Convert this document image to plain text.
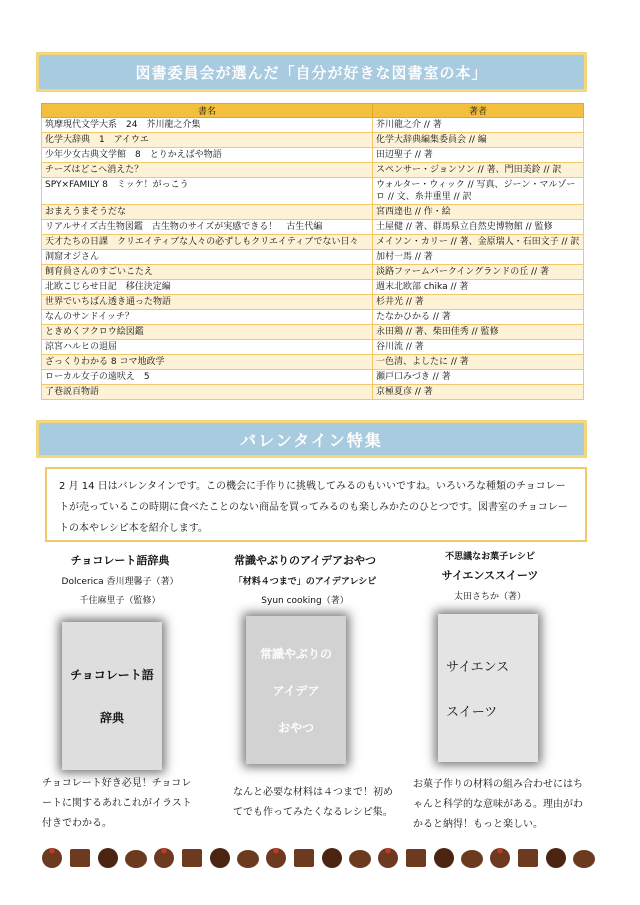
図書委員会が選んだ「自分が好きな図書室の本」
書名	著者
筑摩現代文学大系　24　芥川龍之介集	芥川龍之介 // 著
化学大辞典　1　アイウエ	化学大辞典編集委員会 // 編
少年少女古典文学館　8　とりかえばや物語	田辺聖子 // 著
チーズはどこへ消えた？	スペンサー・ジョンソン // 著、門田美鈴 // 訳
SPY×FAMILY 8　ミッケ！がっこう	ウォルター・ウィック // 写真、ジーン・マルゾーロ // 文、糸井重里 // 訳
おまえうまそうだな	宮西達也 // 作・絵
リアルサイズ古生物図鑑　古生物のサイズが実感できる！　古生代編	土屋健 // 著、群馬県立自然史博物館 // 監修
天才たちの日課　クリエイティブな人々の必ずしもクリエイティブでない日々	メイソン・カリー // 著、金原瑞人・石田文子 // 訳
洞窟オジさん	加村一馬 // 著
飼育員さんのすごいこたえ	淡路ファームパークイングランドの丘 // 著
北欧こじらせ日記　移住決定編	週末北欧部 chika // 著
世界でいちばん透き通った物語	杉井光 // 著
なんのサンドイッチ？	たなかひかる // 著
ときめくフクロウ絵図鑑	永田鶏 // 著、柴田佳秀 // 監修
涼宮ハルヒの退屈	谷川流 // 著
ざっくりわかる 8 コマ地政学	一色清、よしたに // 著
ローカル女子の遠吠え　5	瀬戸口みづき // 著
了巷説百物語	京極夏彦 // 著
バレンタイン特集
2 月 14 日はバレンタインです。この機会に手作りに挑戦してみるのもいいですね。いろいろな種類のチョコレートが売っているこの時期に食べたことのない商品を買ってみるのも楽しみかたのひとつです。図書室のチョコレートの本やレシピ本を紹介します。
チョコレート語辞典
Dolcerica 香川理馨子（著）
千住麻里子（監修）
チョコレート語
辞典
チョコレート好き必見！チョコレートに関するあれこれがイラスト付きでわかる。
常識やぶりのアイデアおやつ
「材料４つまで」のアイデアレシピ
Syun cooking（著）
常識やぶりの
アイデア
おやつ
なんと必要な材料は４つまで！初めてでも作ってみたくなるレシピ集。
不思議なお菓子レシピ
サイエンススイーツ
太田さちか（著）
サイエンス
スイーツ
お菓子作りの材料の組み合わせにはちゃんと科学的な意味がある。理由がわかると納得！もっと楽しい。
